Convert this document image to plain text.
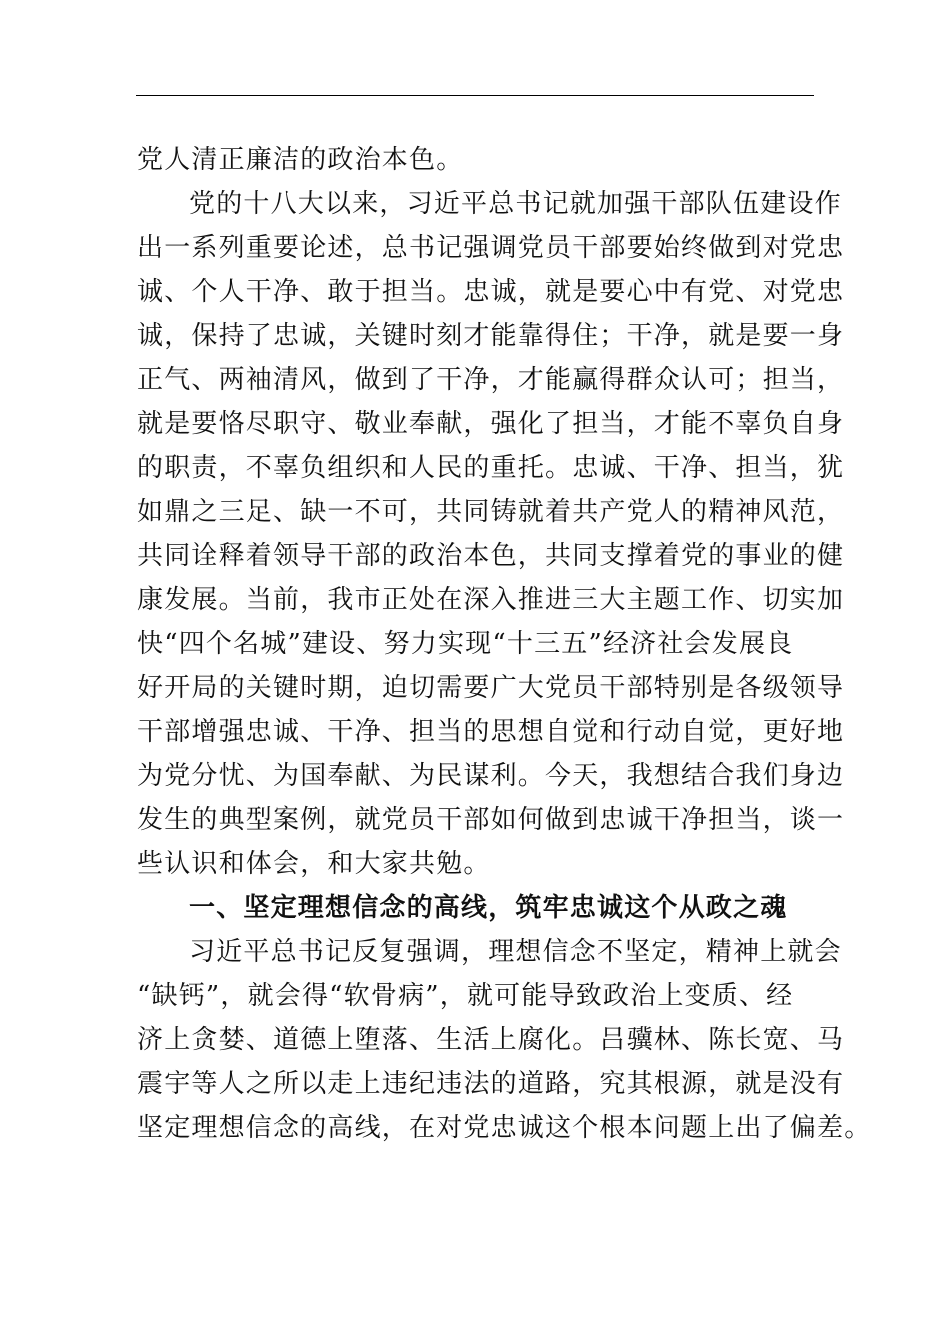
党人清正廉洁的政治本色。
党的十八大以来，习近平总书记就加强干部队伍建设作
出一系列重要论述，总书记强调党员干部要始终做到对党忠
诚、个人干净、敢于担当。忠诚，就是要心中有党、对党忠
诚，保持了忠诚，关键时刻才能靠得住；干净，就是要一身
正气、两袖清风，做到了干净，才能赢得群众认可；担当，
就是要恪尽职守、敬业奉献，强化了担当，才能不辜负自身
的职责，不辜负组织和人民的重托。忠诚、干净、担当，犹
如鼎之三足、缺一不可，共同铸就着共产党人的精神风范，
共同诠释着领导干部的政治本色，共同支撑着党的事业的健
康发展。当前，我市正处在深入推进三大主题工作、切实加
快“四个名城”建设、努力实现“十三五”经济社会发展良
好开局的关键时期，迫切需要广大党员干部特别是各级领导
干部增强忠诚、干净、担当的思想自觉和行动自觉，更好地
为党分忧、为国奉献、为民谋利。今天，我想结合我们身边
发生的典型案例，就党员干部如何做到忠诚干净担当，谈一
些认识和体会，和大家共勉。
一、坚定理想信念的高线，筑牢忠诚这个从政之魂
习近平总书记反复强调，理想信念不坚定，精神上就会
“缺钙”，就会得“软骨病”，就可能导致政治上变质、经
济上贪婪、道德上堕落、生活上腐化。吕骥林、陈长宽、马
震宇等人之所以走上违纪违法的道路，究其根源，就是没有
坚定理想信念的高线，在对党忠诚这个根本问题上出了偏差。
